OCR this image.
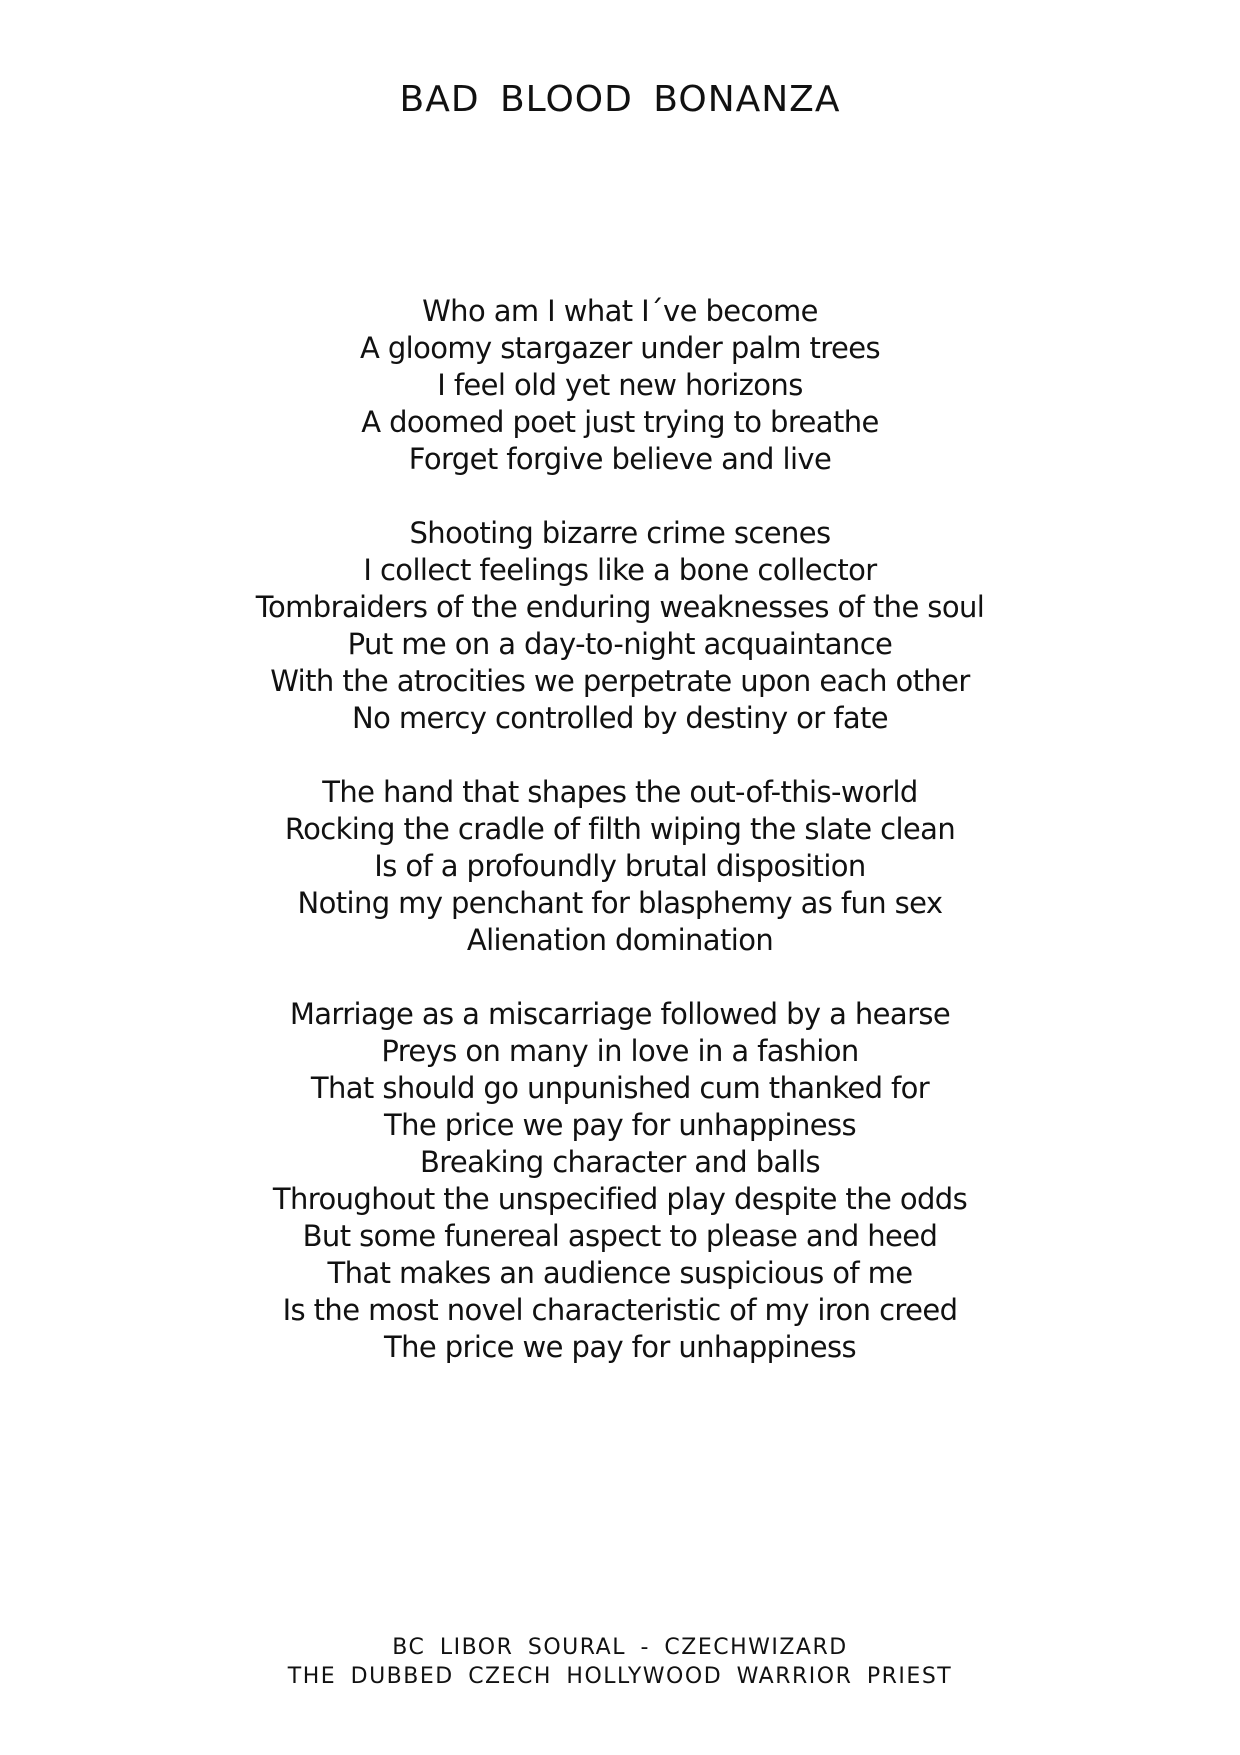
BAD BLOOD BONANZA
Who am I what I´ve become
A gloomy stargazer under palm trees
I feel old yet new horizons
A doomed poet just trying to breathe
Forget forgive believe and live
Shooting bizarre crime scenes
I collect feelings like a bone collector
Tombraiders of the enduring weaknesses of the soul
Put me on a day-to-night acquaintance
With the atrocities we perpetrate upon each other
No mercy controlled by destiny or fate
The hand that shapes the out-of-this-world
Rocking the cradle of filth wiping the slate clean
Is of a profoundly brutal disposition
Noting my penchant for blasphemy as fun sex
Alienation domination
Marriage as a miscarriage followed by a hearse
Preys on many in love in a fashion
That should go unpunished cum thanked for
The price we pay for unhappiness
Breaking character and balls
Throughout the unspecified play despite the odds
But some funereal aspect to please and heed
That makes an audience suspicious of me
Is the most novel characteristic of my iron creed
The price we pay for unhappiness
BC LIBOR SOURAL - CZECHWIZARD
THE DUBBED CZECH HOLLYWOOD WARRIOR PRIEST
